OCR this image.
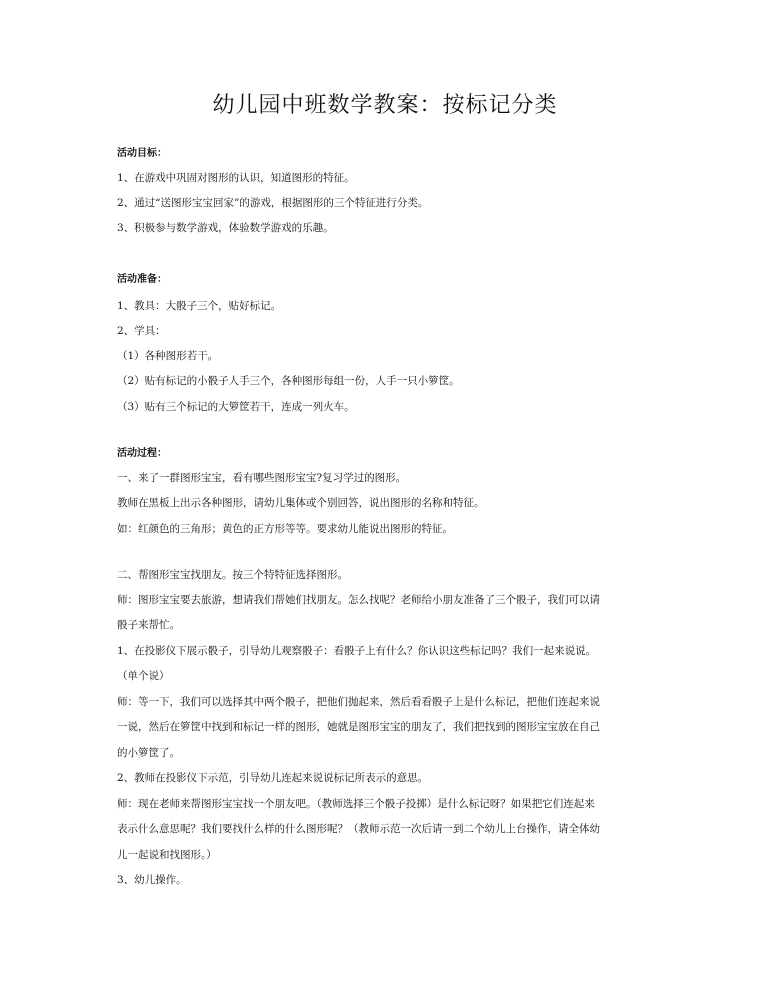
幼儿园中班数学教案：按标记分类

活动目标：

1、在游戏中巩固对图形的认识，知道图形的特征。

2、通过“送图形宝宝回家”的游戏，根据图形的三个特征进行分类。

3、积极参与数学游戏，体验数学游戏的乐趣。

活动准备：

1、教具：大骰子三个，贴好标记。

2、学具：

（1）各种图形若干。

（2）贴有标记的小骰子人手三个，各种图形每组一份，人手一只小箩筐。

（3）贴有三个标记的大箩筐若干，连成一列火车。

活动过程：

一、来了一群图形宝宝，看有哪些图形宝宝?复习学过的图形。

教师在黑板上出示各种图形，请幼儿集体或个别回答，说出图形的名称和特征。

如：红颜色的三角形；黄色的正方形等等。要求幼儿能说出图形的特征。

二、帮图形宝宝找朋友。按三个特特征选择图形。

师：图形宝宝要去旅游，想请我们帮她们找朋友。怎么找呢？老师给小朋友准备了三个骰子，我们可以请

骰子来帮忙。

1、在投影仪下展示骰子，引导幼儿观察骰子：看骰子上有什么？你认识这些标记吗？我们一起来说说。

（单个说）

师：等一下，我们可以选择其中两个骰子，把他们抛起来，然后看看骰子上是什么标记，把他们连起来说

一说，然后在箩筐中找到和标记一样的图形，她就是图形宝宝的朋友了，我们把找到的图形宝宝放在自己

的小箩筐了。

2、教师在投影仪下示范，引导幼儿连起来说说标记所表示的意思。

师：现在老师来帮图形宝宝找一个朋友吧。（教师选择三个骰子投掷）是什么标记呀？如果把它们连起来

表示什么意思呢？我们要找什么样的什么图形呢？（教师示范一次后请一到二个幼儿上台操作，请全体幼

儿一起说和找图形。）

3、幼儿操作。
